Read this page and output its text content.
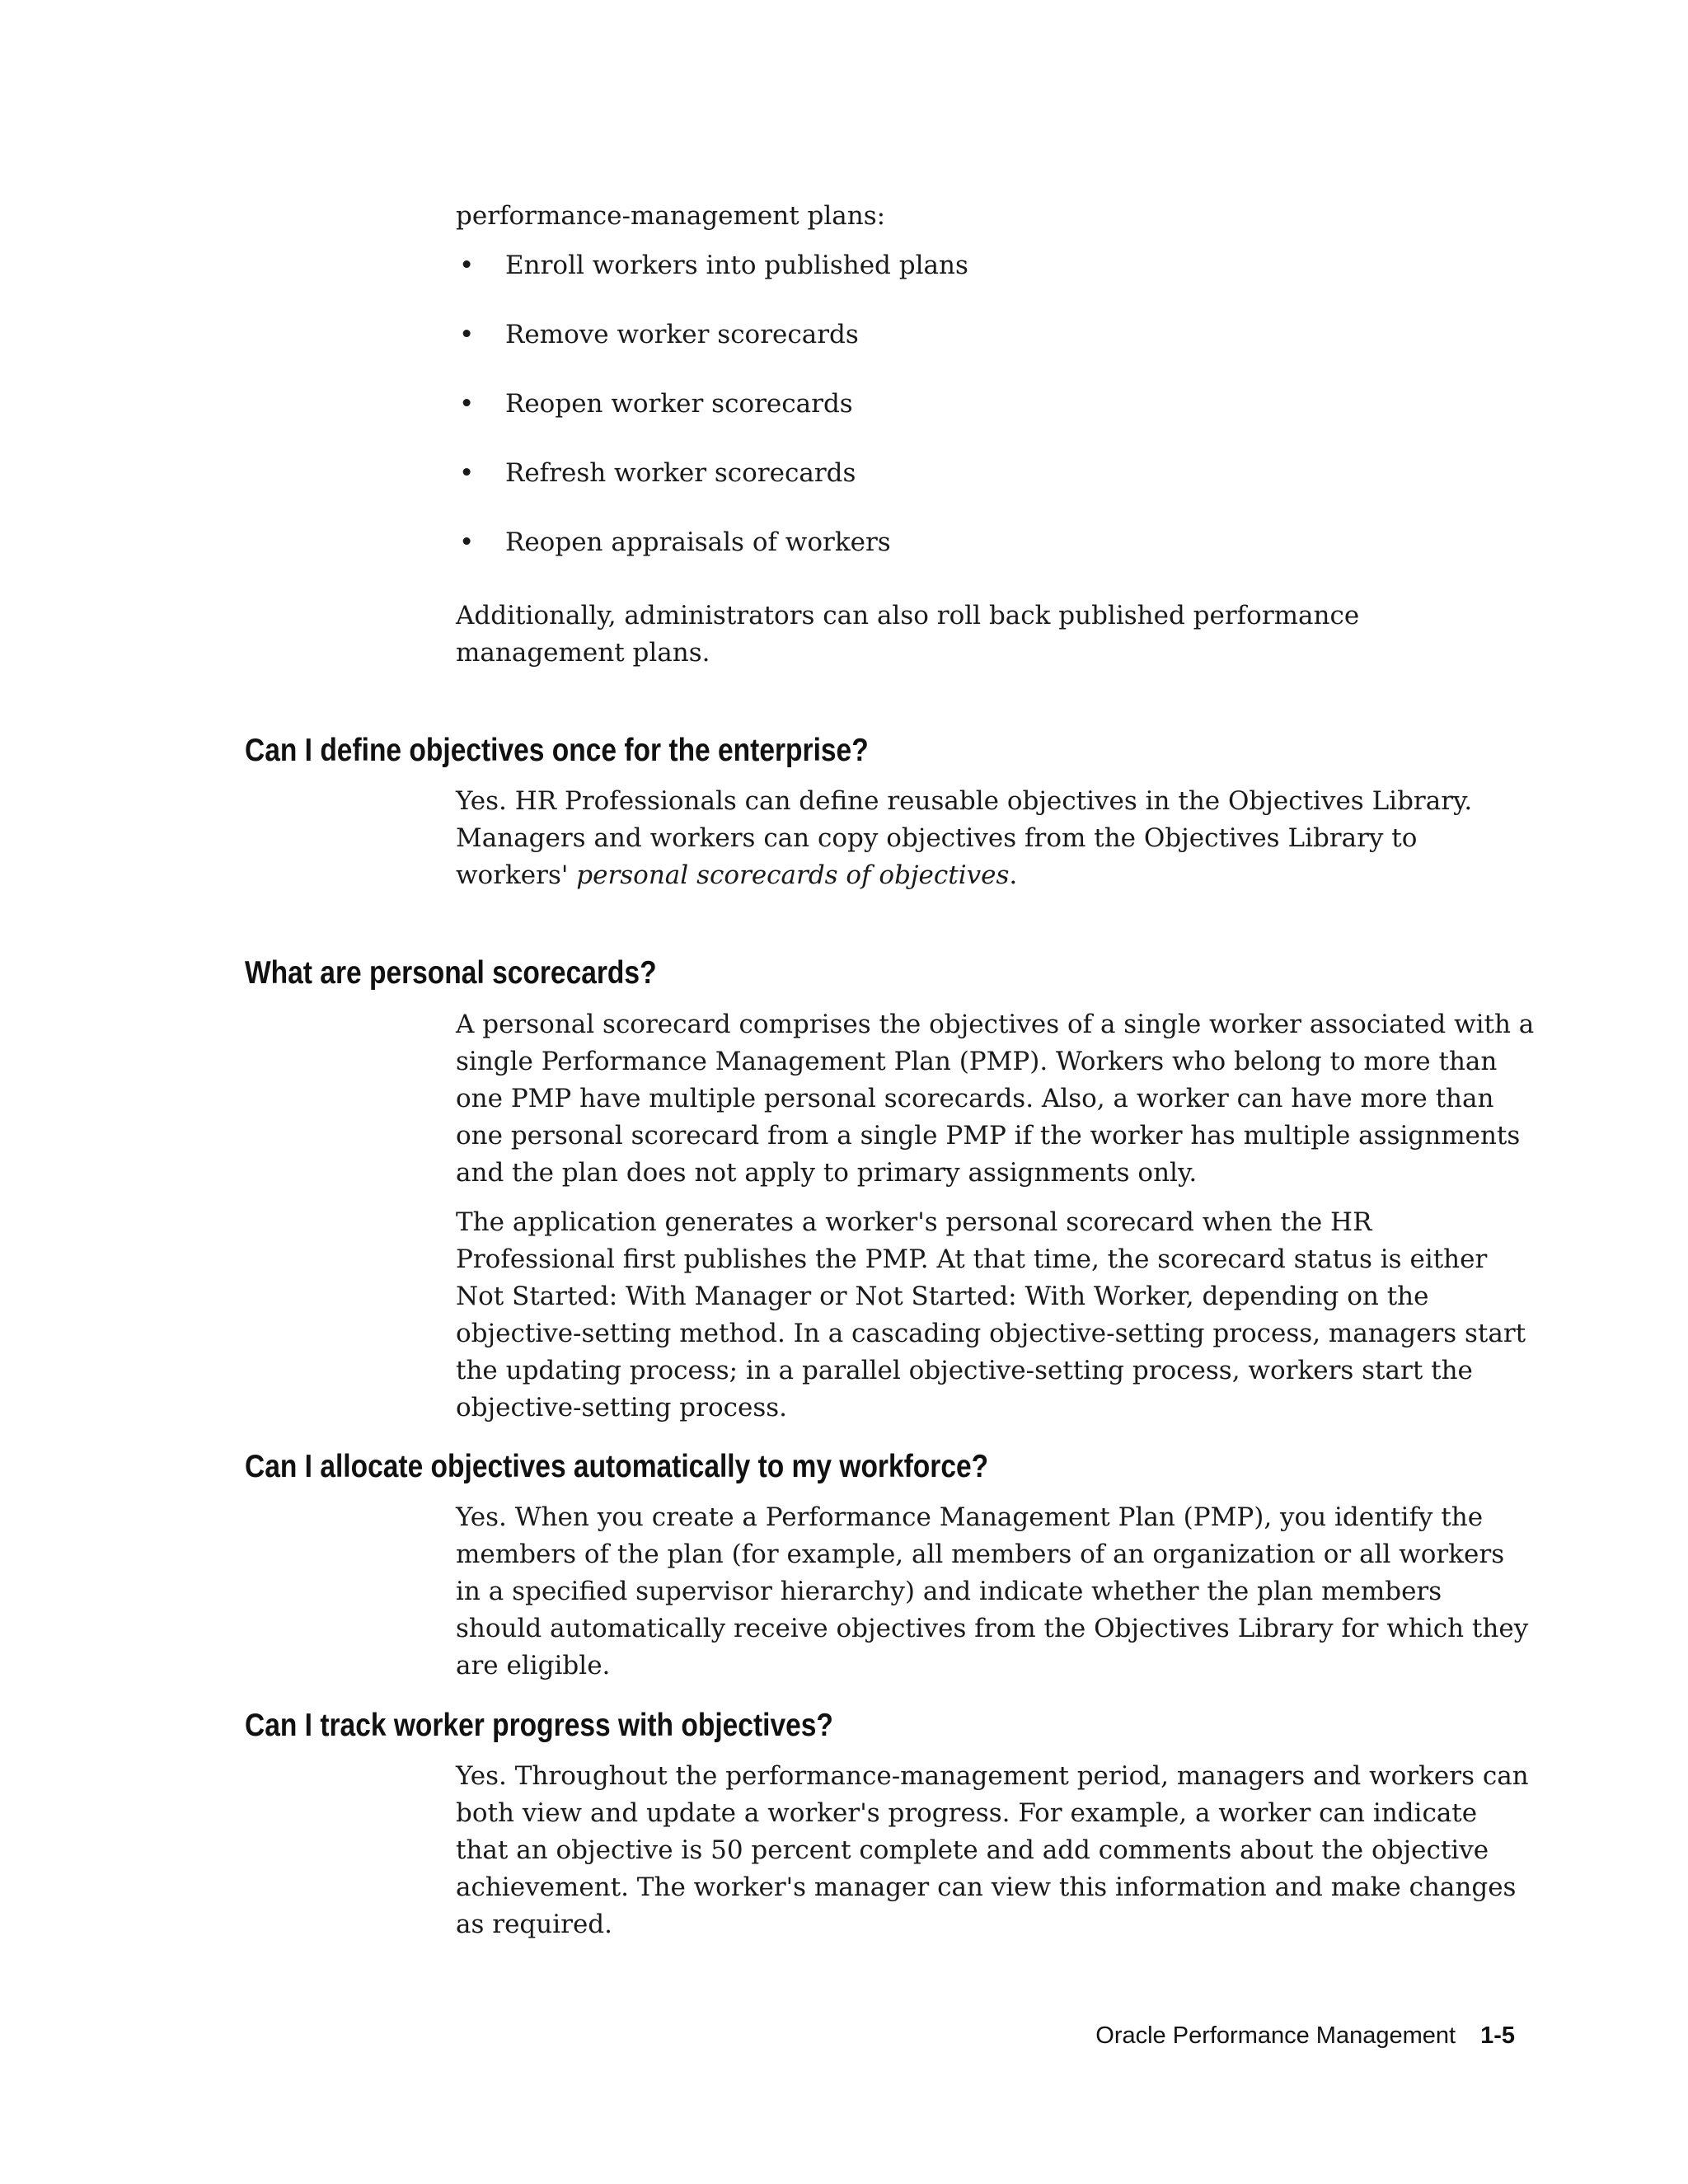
performance-management plans:

• Enroll workers into published plans
• Remove worker scorecards
• Reopen worker scorecards
• Refresh worker scorecards
• Reopen appraisals of workers

Additionally, administrators can also roll back published performance management plans.

Can I define objectives once for the enterprise?

Yes. HR Professionals can define reusable objectives in the Objectives Library. Managers and workers can copy objectives from the Objectives Library to workers' personal scorecards of objectives.

What are personal scorecards?

A personal scorecard comprises the objectives of a single worker associated with a single Performance Management Plan (PMP). Workers who belong to more than one PMP have multiple personal scorecards. Also, a worker can have more than one personal scorecard from a single PMP if the worker has multiple assignments and the plan does not apply to primary assignments only.

The application generates a worker's personal scorecard when the HR Professional first publishes the PMP. At that time, the scorecard status is either Not Started: With Manager or Not Started: With Worker, depending on the objective-setting method. In a cascading objective-setting process, managers start the updating process; in a parallel objective-setting process, workers start the objective-setting process.

Can I allocate objectives automatically to my workforce?

Yes. When you create a Performance Management Plan (PMP), you identify the members of the plan (for example, all members of an organization or all workers in a specified supervisor hierarchy) and indicate whether the plan members should automatically receive objectives from the Objectives Library for which they are eligible.

Can I track worker progress with objectives?

Yes. Throughout the performance-management period, managers and workers can both view and update a worker's progress. For example, a worker can indicate that an objective is 50 percent complete and add comments about the objective achievement. The worker's manager can view this information and make changes as required.

Oracle Performance Management 1-5
